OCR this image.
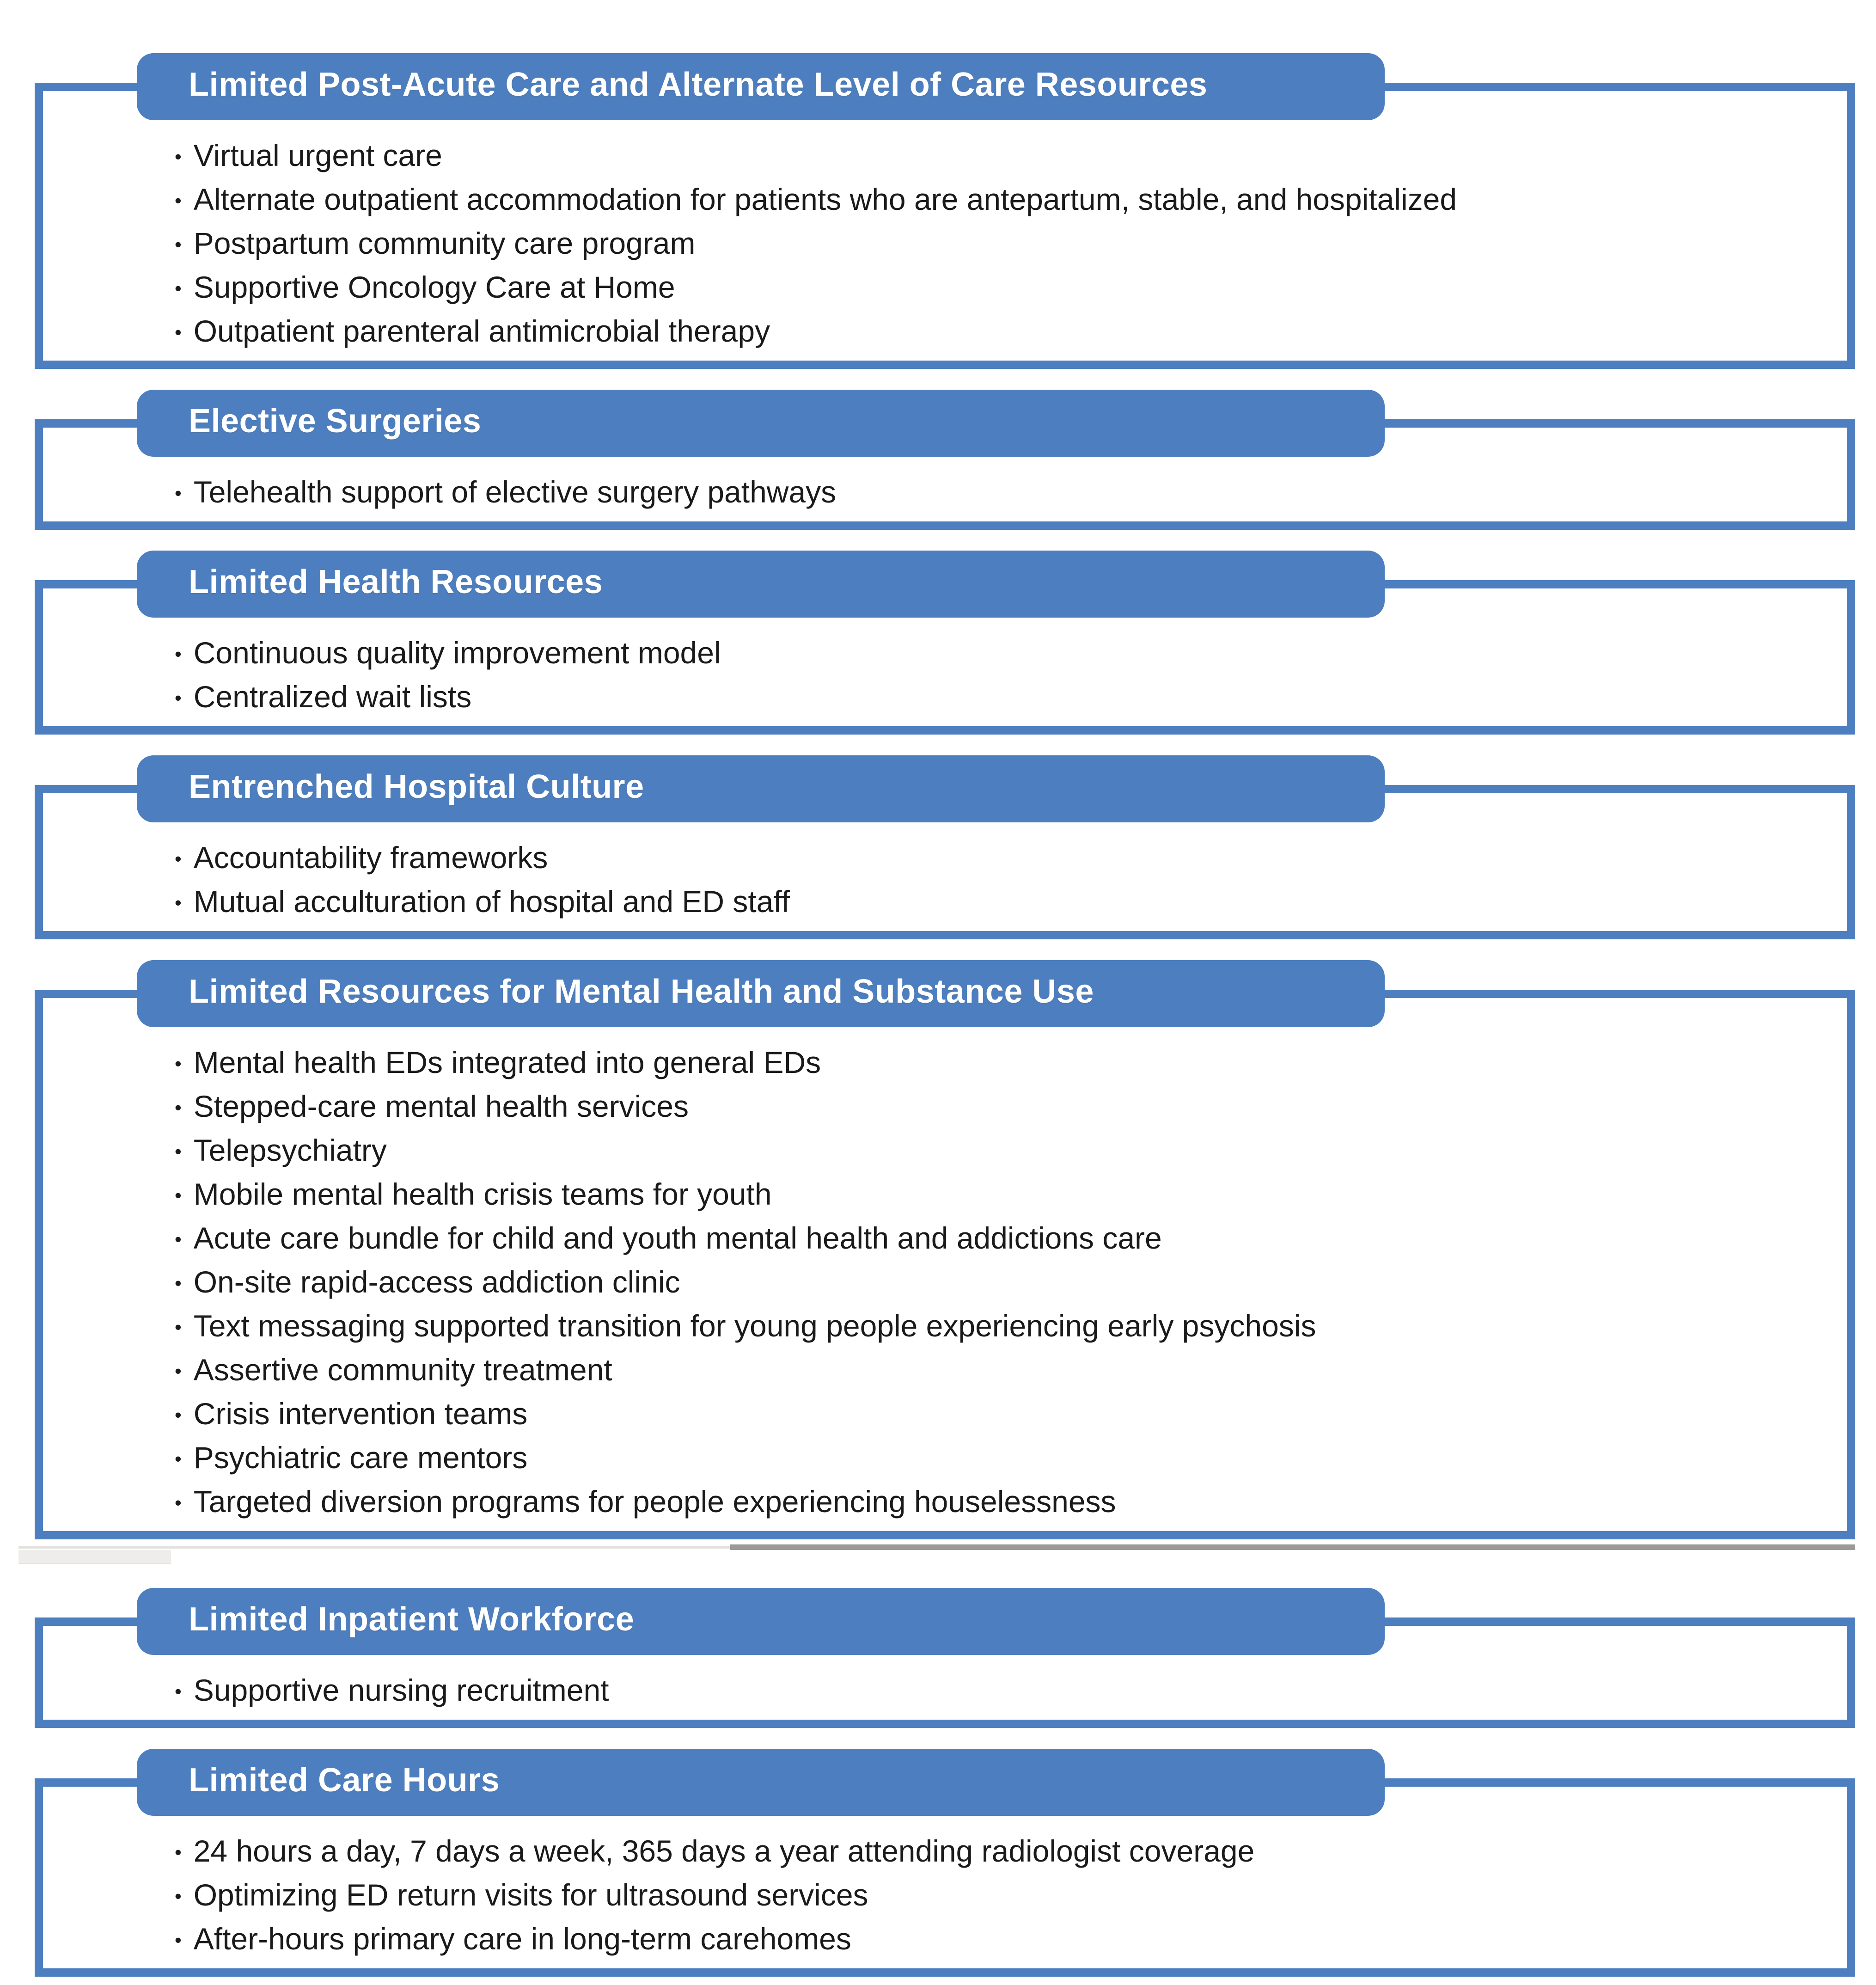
Limited Post-Acute Care and Alternate Level of Care Resources
• Virtual urgent care
• Alternate outpatient accommodation for patients who are antepartum, stable, and hospitalized
• Postpartum community care program
• Supportive Oncology Care at Home
• Outpatient parenteral antimicrobial therapy
Elective Surgeries
• Telehealth support of elective surgery pathways
Limited Health Resources
• Continuous quality improvement model
• Centralized wait lists
Entrenched Hospital Culture
• Accountability frameworks
• Mutual acculturation of hospital and ED staff
Limited Resources for Mental Health and Substance Use
• Mental health EDs integrated into general EDs
• Stepped-care mental health services
• Telepsychiatry
• Mobile mental health crisis teams for youth
• Acute care bundle for child and youth mental health and addictions care
• On-site rapid-access addiction clinic
• Text messaging supported transition for young people experiencing early psychosis
• Assertive community treatment
• Crisis intervention teams
• Psychiatric care mentors
• Targeted diversion programs for people experiencing houselessness
Limited Inpatient Workforce
• Supportive nursing recruitment
Limited Care Hours
• 24 hours a day, 7 days a week, 365 days a year attending radiologist coverage
• Optimizing ED return visits for ultrasound services
• After-hours primary care in long-term carehomes
